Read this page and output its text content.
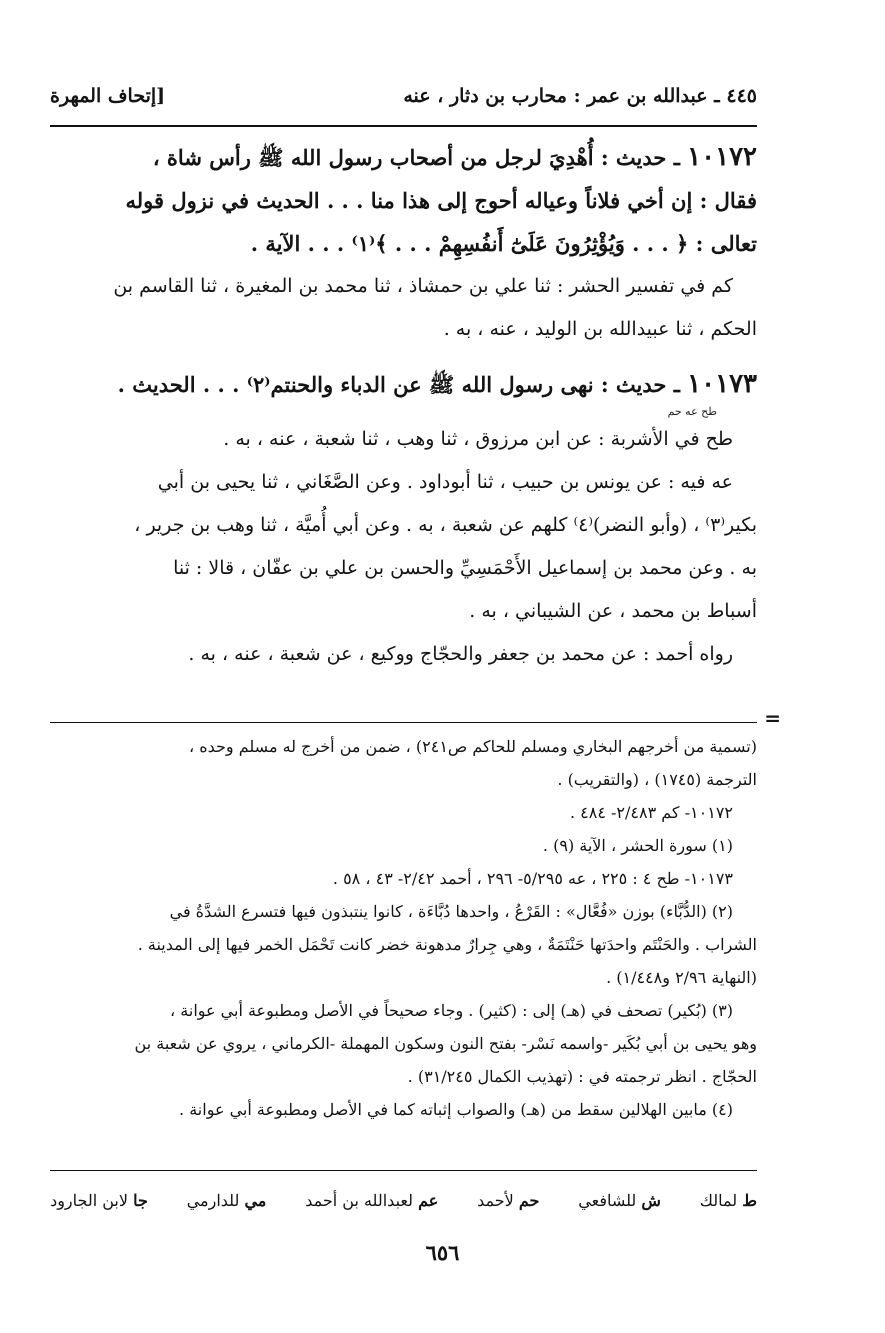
٤٤٥ ـ عبدالله بن عمر : محارب بن دثار ، عنه
[إتحاف المهرة
١٠١٧٢ ـ حديث : أُهْدِيَ لرجل من أصحاب رسول الله ﷺ رأس شاة ،
فقال : إن أخي فلاناً وعياله أحوج إلى هذا منا . . . الحديث في نزول قوله
تعالى : ﴿ . . . وَيُؤْثِرُونَ عَلَىٰٓ أَنفُسِهِمْ . . . ﴾⁽١⁾ . . . الآية .
كم في تفسير الحشر : ثنا علي بن حمشاذ ، ثنا محمد بن المغيرة ، ثنا القاسم بن
الحكم ، ثنا عبيدالله بن الوليد ، عنه ، به .
١٠١٧٣ ـ حديث : نهى رسول الله ﷺ عن الدباء والحنتم⁽٢⁾ . . . الحديث .
طح عه حم
طح في الأشربة : عن ابن مرزوق ، ثنا وهب ، ثنا شعبة ، عنه ، به .
عه فيه : عن يونس بن حبيب ، ثنا أبوداود . وعن الصَّغَاني ، ثنا يحيى بن أبي
بكير⁽٣⁾ ، (وأبو النضر)⁽٤⁾ كلهم عن شعبة ، به . وعن أبي أُميَّة ، ثنا وهب بن جرير ،
به . وعن محمد بن إسماعيل الأَحْمَسِيِّ والحسن بن علي بن عفّان ، قالا : ثنا
أسباط بن محمد ، عن الشيباني ، به .
رواه أحمد : عن محمد بن جعفر والحجّاج ووكيع ، عن شعبة ، عنه ، به .
=
(تسمية من أخرجهم البخاري ومسلم للحاكم ص٢٤١) ، ضمن من أخرج له مسلم وحده ،
الترجمة (١٧٤٥) ، (والتقريب) .
١٠١٧٢- كم ٢/٤٨٣- ٤٨٤ .
(١) سورة الحشر ، الآية (٩) .
١٠١٧٣- طح ٤ : ٢٢٥ ، عه ٥/٢٩٥- ٢٩٦ ، أحمد ٢/٤٢- ٤٣ ، ٥٨ .
(٢) (الدُّبَّاء) بوزن «فُعَّال» : القَرْعُ ، واحدها دُبَّاءَة ، كانوا ينتبذون فيها فتسرع الشدَّةُ في
الشراب . والحَنْتَم واحدَتها حَنْتَمَةٌ ، وهي جِرارٌ مدهونة خضر كانت تَحْمَل الخمر فيها إلى المدينة .
(النهاية ٢/٩٦ و١/٤٤٨) .
(٣) (بُكير) تصحف في (هـ) إلى : (كثير) . وجاء صحيحاً في الأصل ومطبوعة أبي عوانة ،
وهو يحيى بن أبي بُكَير -واسمه نَسْر- بفتح النون وسكون المهملة -الكرماني ، يروي عن شعبة بن
الحجّاج . انظر ترجمته في : (تهذيب الكمال ٣١/٢٤٥) .
(٤) مابين الهلالين سقط من (هـ) والصواب إثباته كما في الأصل ومطبوعة أبي عوانة .
ط لمالك
ش للشافعي
حم لأحمد
عم لعبدالله بن أحمد
مي للدارمي
جا لابن الجارود
٦٥٦
